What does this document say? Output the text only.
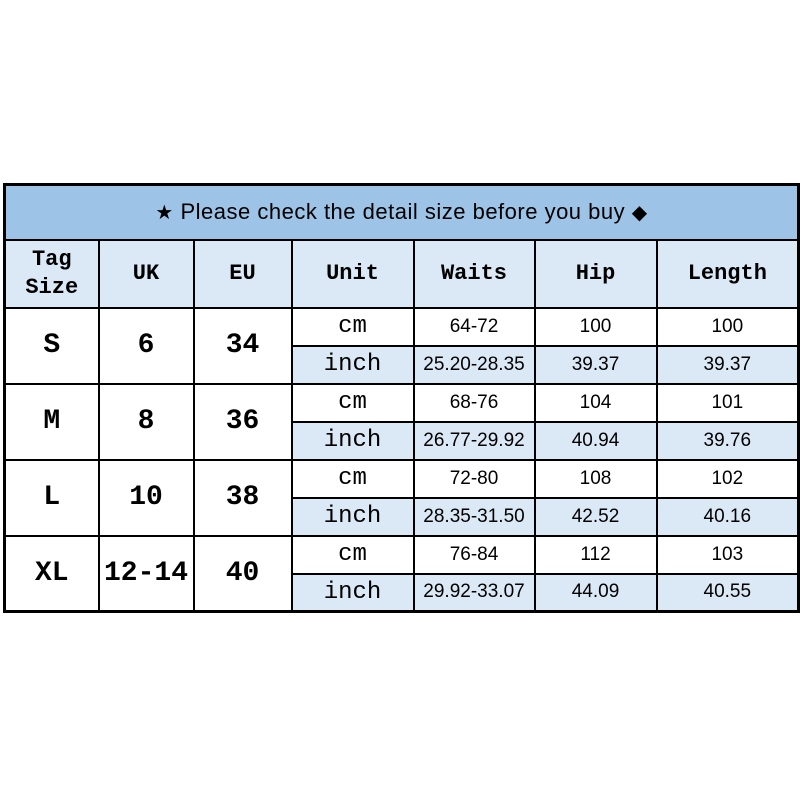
★ Please check the detail size before you buy ◆						
Tag Size	UK	EU	Unit	Waits	Hip	Length
S	6	34	cm	64-72	100	100
			inch	25.20-28.35	39.37	39.37
M	8	36	cm	68-76	104	101
			inch	26.77-29.92	40.94	39.76
L	10	38	cm	72-80	108	102
			inch	28.35-31.50	42.52	40.16
XL	12-14	40	cm	76-84	112	103
			inch	29.92-33.07	44.09	40.55
